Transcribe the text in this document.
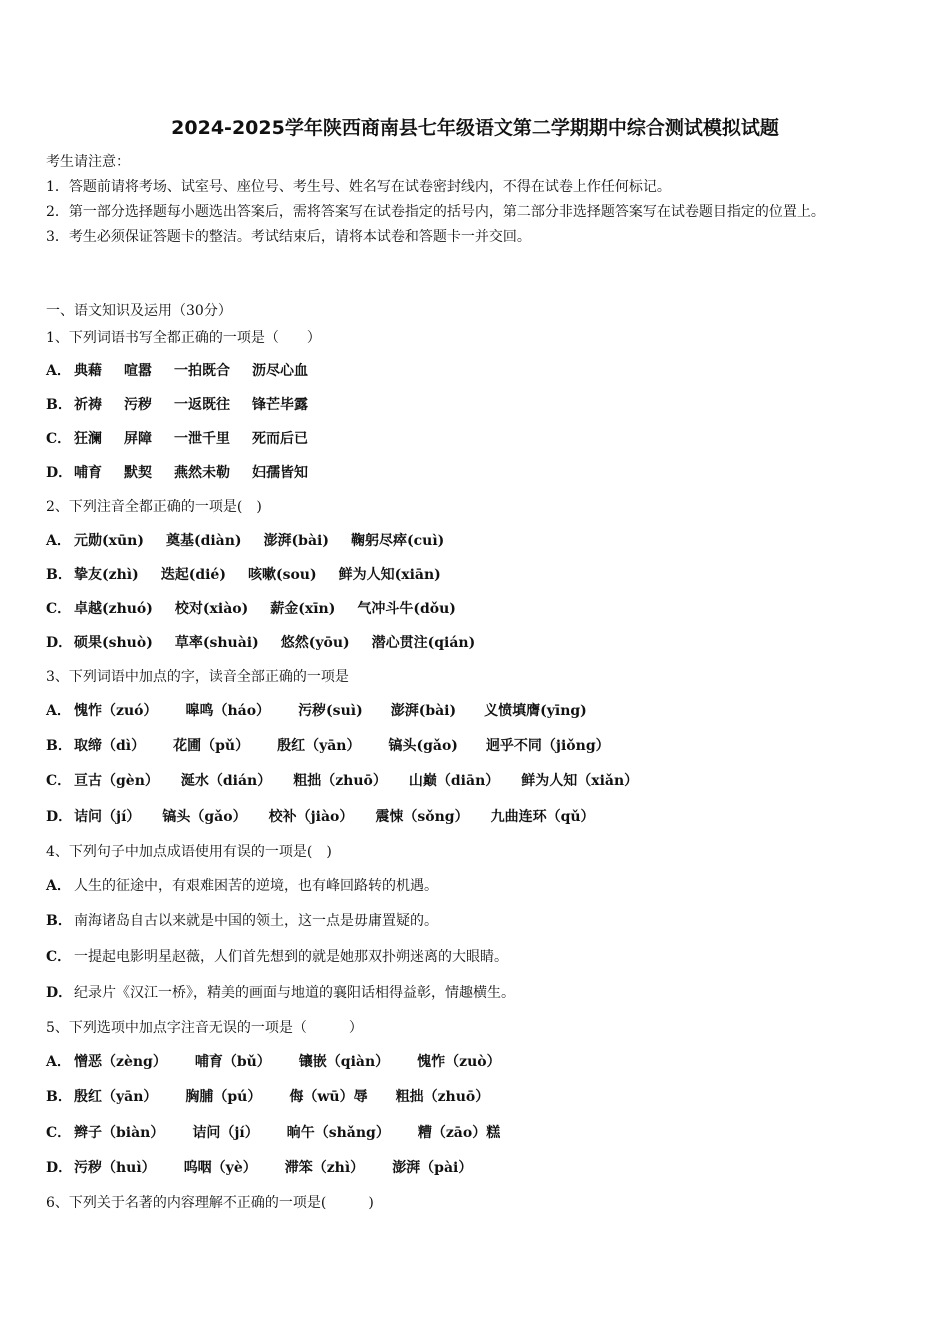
2024-2025学年陕西商南县七年级语文第二学期期中综合测试模拟试题

考生请注意：

1．答题前请将考场、试室号、座位号、考生号、姓名写在试卷密封线内，不得在试卷上作任何标记。

2．第一部分选择题每小题选出答案后，需将答案写在试卷指定的括号内，第二部分非选择题答案写在试卷题目指定的位置上。

3．考生必须保证答题卡的整洁。考试结束后，请将本试卷和答题卡一并交回。

一、语文知识及运用（30分）
1、下列词语书写全都正确的一项是（　　）
A． 典藉 喧嚣 一拍既合 沥尽心血
B． 祈祷 污秽 一返既往 锋芒毕露
C． 狂澜 屏障 一泄千里 死而后已
D． 哺育 默契 燕然未勒 妇孺皆知
2、下列注音全都正确的一项是(　)
A． 元勋(xūn) 奠基(diàn) 澎湃(bài) 鞠躬尽瘁(cuì)
B． 挚友(zhì) 迭起(dié) 咳嗽(sou) 鲜为人知(xiān)
C． 卓越(zhuó) 校对(xiào) 薪金(xīn) 气冲斗牛(dǒu)
D． 硕果(shuò) 草率(shuài) 悠然(yōu) 潜心贯注(qián)
3、下列词语中加点的字，读音全部正确的一项是
A． 愧怍（zuó） 嗥鸣（háo） 污秽(suì) 澎湃(bài) 义愤填膺(yīng)
B． 取缔（dì） 花圃（pǔ） 殷红（yān） 镐头(gǎo) 迥乎不同（jiǒng）
C． 亘古（gèn） 涎水（dián） 粗拙（zhuō） 山巅（diān） 鲜为人知（xiǎn）
D． 诘问（jí） 镐头（gǎo） 校补（jiào） 震悚（sǒng） 九曲连环（qǔ）
4、下列句子中加点成语使用有误的一项是(　)
A． 人生的征途中，有艰难困苦的逆境，也有峰回路转的机遇。
B． 南海诸岛自古以来就是中国的领土，这一点是毋庸置疑的。
C． 一提起电影明星赵薇，人们首先想到的就是她那双扑朔迷离的大眼睛。
D． 纪录片《汉江一桥》，精美的画面与地道的襄阳话相得益彰，情趣横生。
5、下列选项中加点字注音无误的一项是（　　　）
A． 憎恶（zèng） 哺育（bǔ） 镶嵌（qiàn） 愧怍（zuò）
B． 殷红（yān） 胸脯（pú） 侮（wū）辱 粗拙（zhuō）
C． 辫子（biàn） 诘问（jí） 晌午（shǎng） 糟（zāo）糕
D． 污秽（huì） 呜咽（yè） 滞笨（zhì） 澎湃（pài）
6、下列关于名著的内容理解不正确的一项是(　　　)
